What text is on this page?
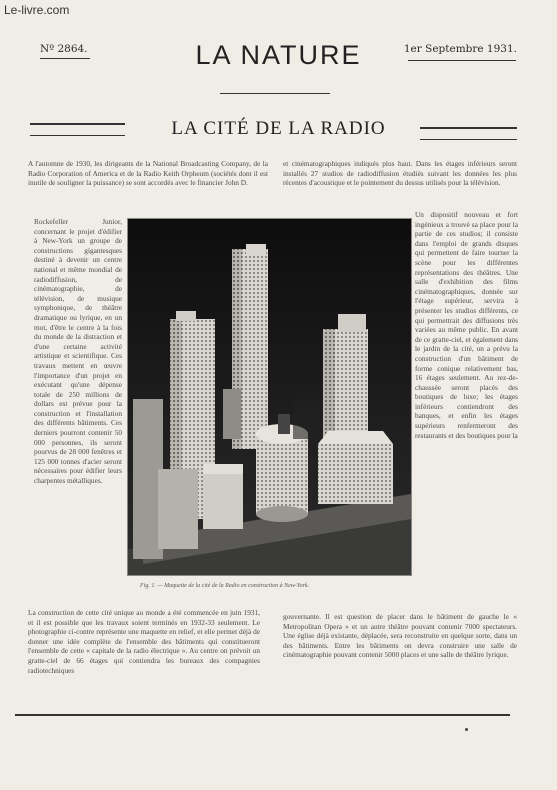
Le-livre.com
Nº 2864.	LA NATURE	1er Septembre 1931.
LA CITÉ DE LA RADIO
A l'automne de 1930, les dirigeants de la National Broadcasting Company, de la Radio Corporation of America et de la Radio Keith Orpheum (sociétés dont il est inutile de souligner la puissance) se sont accordés avec le financier John D.
et cinématographiques indiqués plus haut. Dans les étages inférieurs seront installés 27 studios de radiodiffusion étudiés suivant les données les plus récentes d'acoustique et le pointement du dessus utilisés pour la télévision.
Rockefeller Junior, concernant le projet d'édifier à New-York un groupe de constructions gigantesques destiné à devenir un centre national et même mondial de radiodiffusion, de cinématographie, de télévision, de musique symphonique, de théâtre dramatique ou lyrique, en un mot, d'être le centre à la fois du monde de la distraction et d'une certaine activité artistique et scientifique. Ces travaux mettent en œuvre l'importance d'un projet en exécutant qu'une dépense totale de 250 millions de dollars est prévue pour la construction et l'installation des différents bâtiments. Ces derniers pourront contenir 50 000 personnes, ils seront pourvus de 28 000 fenêtres et 125 000 tonnes d'acier seront nécessaires pour édifier leurs charpentes métalliques.
Un dispositif nouveau et fort ingénieux a trouvé sa place pour la partie de ces studios; il consiste dans l'emploi de grands disques qui permettent de faire tourner la scène pour les différentes représentations des théâtres. Une salle d'exhibition des films cinématographiques, donnée sur l'étage supérieur, servira à présenter les studios différents, ce qui permettrait des diffusions très variées au même public. En avant de ce gratte-ciel, et également dans le jardin de la cité, on a prévu la construction d'un bâtiment de forme conique relativement bas, 16 étages seulement. Au rez-de-chaussée seront placés des boutiques de luxe; les étages inférieurs contiendront des banques, et enfin les étages supérieurs renfermeront des restaurants et des boutiques pour la
Fig. 1. — Maquette de la cité de la Radio en construction à New-York.
La construction de cette cité unique au monde a été commencée en juin 1931, et il est possible que les travaux soient terminés en 1932-33 seulement. Le photographie ci-contre représente une maquette en relief, et elle permet déjà de donner une idée complète de l'ensemble des bâtiments qui constitueront l'ensemble de cette « capitale de la radio électrique ». Au centre on prévoit un gratte-ciel de 66 étages qui contiendra les bureaux des compagnies radiotechniques
gouvernante. Il est question de placer dans le bâtiment de gauche le « Metropolitan Opera » et un autre théâtre pouvant contenir 7000 spectateurs. Une église déjà existante, déplacée, sera reconstruite en quelque sorte, dans un des bâtiments. Entre les bâtiments on devra construire une salle de cinématographie pouvant contenir 5000 places et une salle de théâtre lyrique.
